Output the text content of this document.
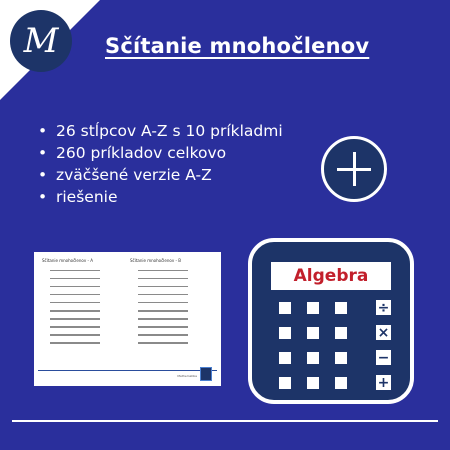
M Sčítanie mnohočlenov
• 26 stĺpcov A-Z s 10 príkladmi
• 260 príkladov celkovo
• zväčšené verzie A-Z
• riešenie
Sčítanie mnohočlenov - A	Sčítanie mnohočlenov - B
Mathematika
Algebra
÷
×
−
+
